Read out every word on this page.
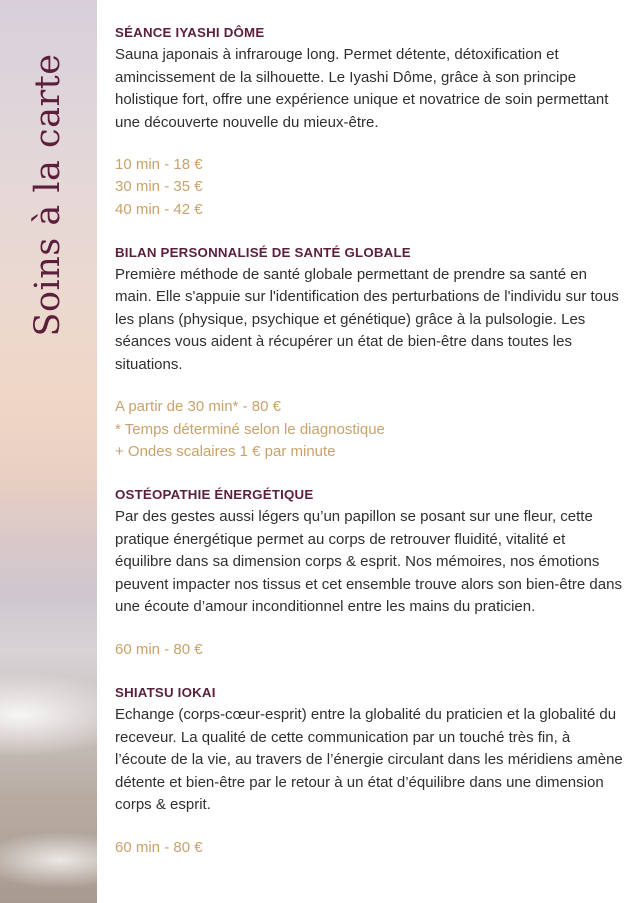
Soins à la carte
SÉANCE IYASHI DÔME
Sauna japonais à infrarouge long. Permet détente, détoxification et amincissement de la silhouette. Le Iyashi Dôme, grâce à son principe holistique fort, offre une expérience unique et novatrice de soin permettant une découverte nouvelle du mieux-être.
10 min - 18 €
30 min - 35 €
40 min - 42 €
BILAN PERSONNALISÉ DE SANTÉ GLOBALE
Première méthode de santé globale permettant de prendre sa santé en main. Elle s'appuie sur l'identification des perturbations de l'individu sur tous les plans (physique, psychique et génétique) grâce à la pulsologie. Les séances vous aident à récupérer un état de bien-être dans toutes les situations.
A partir de 30 min* - 80 €
* Temps déterminé selon le diagnostique
+ Ondes scalaires 1 € par minute
OSTÉOPATHIE ÉNERGÉTIQUE
Par des gestes aussi légers qu’un papillon se posant sur une fleur, cette pratique énergétique permet au corps de retrouver fluidité, vitalité et équilibre dans sa dimension corps & esprit. Nos mémoires, nos émotions peuvent impacter nos tissus et cet ensemble trouve alors son bien-être dans une écoute d’amour inconditionnel entre les mains du praticien.
60 min - 80 €
SHIATSU IOKAI
Echange (corps-cœur-esprit) entre la globalité du praticien et la globalité du receveur. La qualité de cette communication par un touché très fin, à l’écoute de la vie, au travers de l’énergie circulant dans les méridiens amène détente et bien-être par le retour à un état d’équilibre dans une dimension corps & esprit.
60 min - 80 €
